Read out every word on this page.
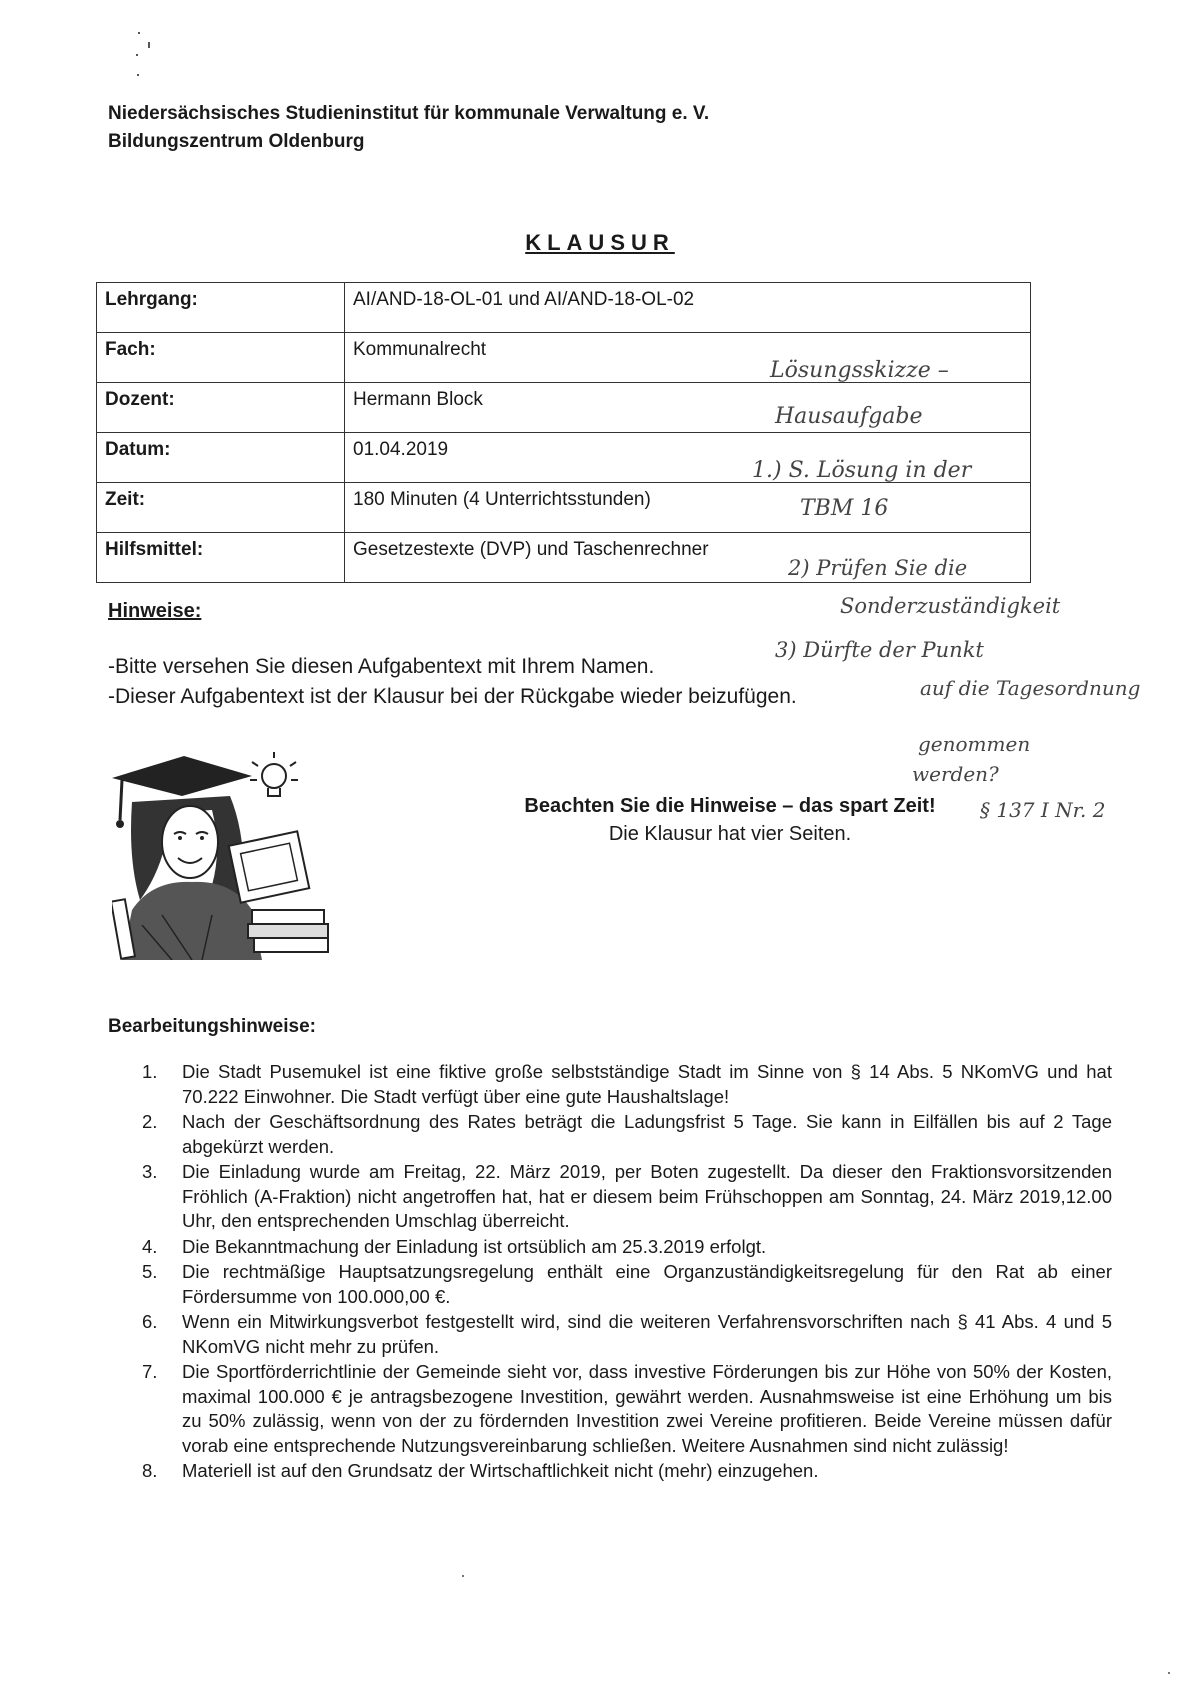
Niedersächsisches Studieninstitut für kommunale Verwaltung e. V.
Bildungszentrum Oldenburg
KLAUSUR
Lehrgang:	AI/AND-18-OL-01 und AI/AND-18-OL-02
Fach:	Kommunalrecht
Dozent:	Hermann Block
Datum:	01.04.2019
Zeit:	180 Minuten (4 Unterrichtsstunden)
Hilfsmittel:	Gesetzestexte (DVP) und Taschenrechner
Hinweise:
-Bitte versehen Sie diesen Aufgabentext mit Ihrem Namen.
-Dieser Aufgabentext ist der Klausur bei der Rückgabe wieder beizufügen.
Beachten Sie die Hinweise – das spart Zeit!
Die Klausur hat vier Seiten.
Bearbeitungshinweise:
1. Die Stadt Pusemukel ist eine fiktive große selbstständige Stadt im Sinne von § 14 Abs. 5 NKomVG und hat 70.222 Einwohner. Die Stadt verfügt über eine gute Haushaltslage!
2. Nach der Geschäftsordnung des Rates beträgt die Ladungsfrist 5 Tage. Sie kann in Eilfällen bis auf 2 Tage abgekürzt werden.
3. Die Einladung wurde am Freitag, 22. März 2019, per Boten zugestellt. Da dieser den Fraktionsvorsitzenden Fröhlich (A-Fraktion) nicht angetroffen hat, hat er diesem beim Frühschoppen am Sonntag, 24. März 2019,12.00 Uhr, den entsprechenden Umschlag überreicht.
4. Die Bekanntmachung der Einladung ist ortsüblich am 25.3.2019 erfolgt.
5. Die rechtmäßige Hauptsatzungsregelung enthält eine Organzuständigkeitsregelung für den Rat ab einer Fördersumme von 100.000,00 €.
6. Wenn ein Mitwirkungsverbot festgestellt wird, sind die weiteren Verfahrensvorschriften nach § 41 Abs. 4 und 5 NKomVG nicht mehr zu prüfen.
7. Die Sportförderrichtlinie der Gemeinde sieht vor, dass investive Förderungen bis zur Höhe von 50% der Kosten, maximal 100.000 € je antragsbezogene Investition, gewährt werden. Ausnahmsweise ist eine Erhöhung um bis zu 50% zulässig, wenn von der zu fördernden Investition zwei Vereine profitieren. Beide Vereine müssen dafür vorab eine entsprechende Nutzungsvereinbarung schließen. Weitere Ausnahmen sind nicht zulässig!
8. Materiell ist auf den Grundsatz der Wirtschaftlichkeit nicht (mehr) einzugehen.
Lösungsskizze –
Hausaufgabe
1.) S. Lösung in der
TBM 16
2) Prüfen Sie die
Sonderzuständigkeit
3) Dürfte der Punkt
auf die Tagesordnung
genommen
werden?
§ 137 I Nr. 2
